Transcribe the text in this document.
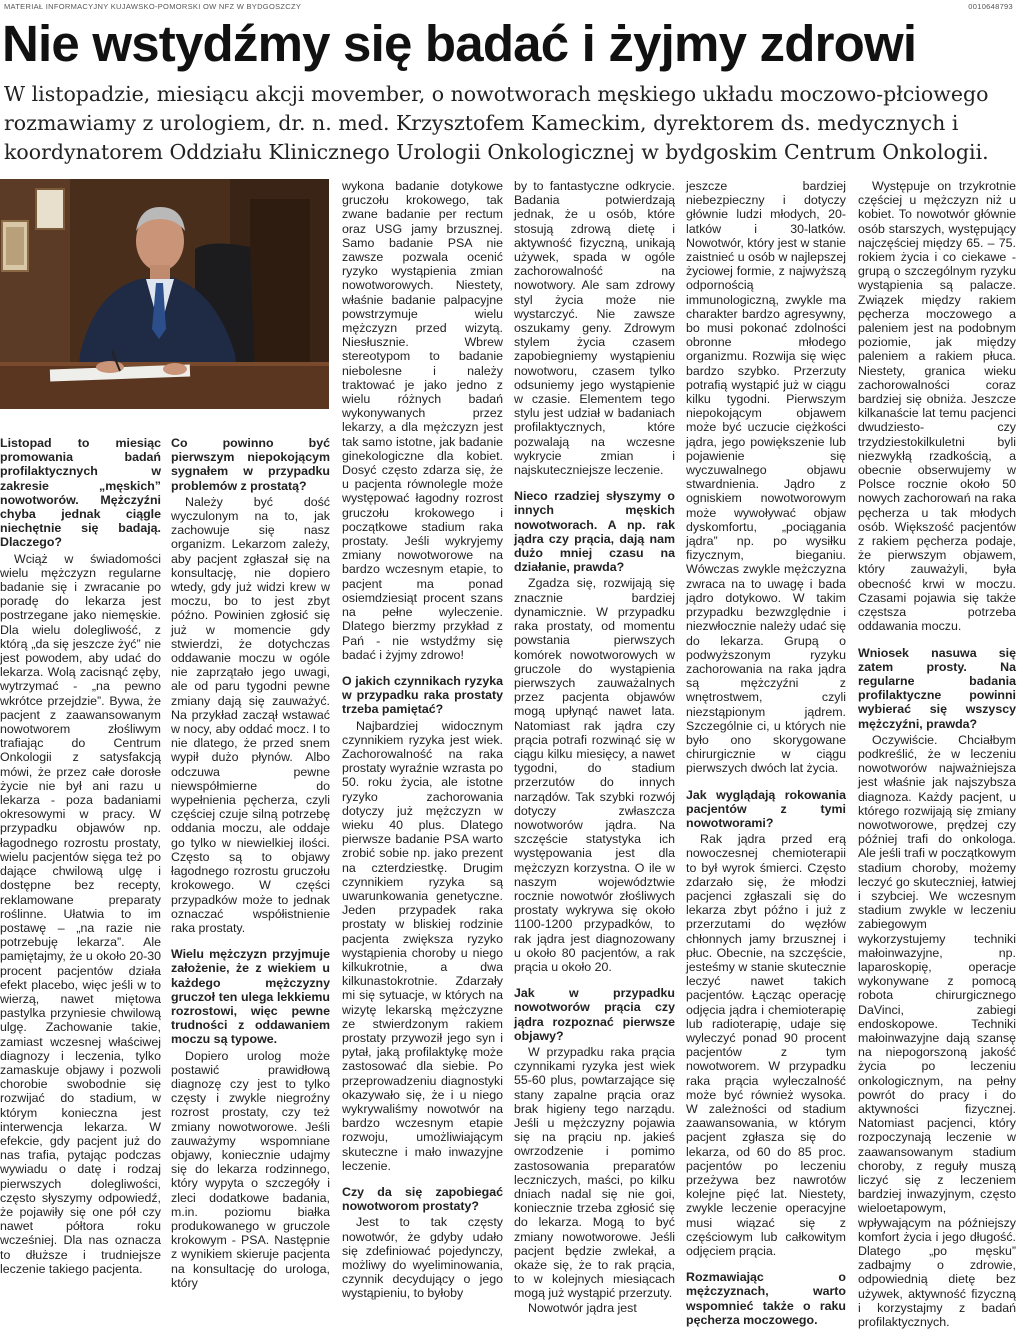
MATERIAŁ INFORMACYJNY KUJAWSKO-POMORSKI OW NFZ W BYDGOSZCZY	0010648793
Nie wstydźmy się badać i żyjmy zdrowi

W listopadzie, miesiącu akcji movember, o nowotworach męskiego układu moczowo-płciowego rozmawiamy z urologiem, dr. n. med. Krzysztofem Kameckim, dyrektorem ds. medycznych i koordynatorem Oddziału Klinicznego Urologii Onkologicznej w bydgoskim Centrum Onkologii.

Listopad to miesiąc promowania badań profilaktycznych w zakresie „męskich” nowotworów. Mężczyźni chyba jednak ciągle niechętnie się badają. Dlaczego?

Wciąż w świadomości wielu mężczyzn regularne badanie się i zwracanie po poradę do lekarza jest postrzegane jako niemęskie. Dla wielu dolegliwość, z którą „da się jeszcze żyć” nie jest powodem, aby udać do lekarza. Wolą zacisnąć zęby, wytrzymać - „na pewno wkrótce przejdzie”. Bywa, że pacjent z zaawansowanym nowotworem złośliwym trafiając do Centrum Onkologii z satysfakcją mówi, że przez całe dorosłe życie nie był ani razu u lekarza - poza badaniami okresowymi w pracy. W przypadku objawów np. łagodnego rozrostu prostaty, wielu pacjentów sięga też po dające chwilową ulgę i dostępne bez recepty, reklamowane preparaty roślinne. Ułatwia to im postawę – „na razie nie potrzebuję lekarza”. Ale pamiętajmy, że u około 20-30 procent pacjentów działa efekt placebo, więc jeśli w to wierzą, nawet miętowa pastylka przyniesie chwilową ulgę. Zachowanie takie, zamiast wczesnej właściwej diagnozy i leczenia, tylko zamaskuje objawy i pozwoli chorobie swobodnie się rozwijać do stadium, w którym konieczna jest interwencja lekarza. W efekcie, gdy pacjent już do nas trafia, pytając podczas wywiadu o datę i rodzaj pierwszych dolegliwości, często słyszymy odpowiedź, że pojawiły się one pół czy nawet półtora roku wcześniej. Dla nas oznacza to dłuższe i trudniejsze leczenie takiego pacjenta.

Co powinno być pierwszym niepokojącym sygnałem w przypadku problemów z prostatą?

Należy być dość wyczulonym na to, jak zachowuje się nasz organizm. Lekarzom zależy, aby pacjent zgłaszał się na konsultację, nie dopiero wtedy, gdy już widzi krew w moczu, bo to jest zbyt późno. Powinien zgłosić się już w momencie gdy stwierdzi, że dotychczas oddawanie moczu w ogóle nie zaprzątało jego uwagi, ale od paru tygodni pewne zmiany dają się zauważyć. Na przykład zaczął wstawać w nocy, aby oddać mocz. I to nie dlatego, że przed snem wypił dużo płynów. Albo odczuwa pewne niewspółmierne do wypełnienia pęcherza, czyli częściej czuje silną potrzebę oddania moczu, ale oddaje go tylko w niewielkiej ilości. Często są to objawy łagodnego rozrostu gruczołu krokowego. W części przypadków może to jednak oznaczać współistnienie raka prostaty.

Wielu mężczyzn przyjmuje założenie, że z wiekiem u każdego mężczyzny gruczoł ten ulega lekkiemu rozrostowi, więc pewne trudności z oddawaniem moczu są typowe.

Dopiero urolog może postawić prawidłową diagnozę czy jest to tylko częsty i zwykle niegroźny rozrost prostaty, czy też zmiany nowotworowe. Jeśli zauważymy wspomniane objawy, koniecznie udajmy się do lekarza rodzinnego, który wypyta o szczegóły i zleci dodatkowe badania, m.in. poziomu białka produkowanego w gruczole krokowym - PSA. Następnie z wynikiem skieruje pacjenta na konsultację do urologa, który

wykona badanie dotykowe gruczołu krokowego, tak zwane badanie per rectum oraz USG jamy brzusznej. Samo badanie PSA nie zawsze pozwala ocenić ryzyko wystąpienia zmian nowotworowych. Niestety, właśnie badanie palpacyjne powstrzymuje wielu mężczyzn przed wizytą. Niesłusznie. Wbrew stereotypom to badanie niebolesne i należy traktować je jako jedno z wielu różnych badań wykonywanych przez lekarzy, a dla mężczyzn jest tak samo istotne, jak badanie ginekologiczne dla kobiet. Dosyć często zdarza się, że u pacjenta równolegle może występować łagodny rozrost gruczołu krokowego i początkowe stadium raka prostaty. Jeśli wykryjemy zmiany nowotworowe na bardzo wczesnym etapie, to pacjent ma ponad osiemdziesiąt procent szans na pełne wyleczenie. Dlatego bierzmy przykład z Pań - nie wstydźmy się badać i żyjmy zdrowo!

O jakich czynnikach ryzyka w przypadku raka prostaty trzeba pamiętać?

Najbardziej widocznym czynnikiem ryzyka jest wiek. Zachorowalność na raka prostaty wyraźnie wzrasta po 50. roku życia, ale istotne ryzyko zachorowania dotyczy już mężczyzn w wieku 40 plus. Dlatego pierwsze badanie PSA warto zrobić sobie np. jako prezent na czterdziestkę. Drugim czynnikiem ryzyka są uwarunkowania genetyczne. Jeden przypadek raka prostaty w bliskiej rodzinie pacjenta zwiększa ryzyko wystąpienia choroby u niego kilkukrotnie, a dwa kilkunastokrotnie. Zdarzały mi się sytuacje, w których na wizytę lekarską mężczyzne ze stwierdzonym rakiem prostaty przywoził jego syn i pytał, jaką profilaktykę może zastosować dla siebie. Po przeprowadzeniu diagnostyki okazywało się, że i u niego wykrywaliśmy nowotwór na bardzo wczesnym etapie rozwoju, umożliwiającym skuteczne i mało inwazyjne leczenie.

Czy da się zapobiegać nowotworom prostaty?

Jest to tak częsty nowotwór, że gdyby udało się zdefiniować pojedynczy, możliwy do wyeliminowania, czynnik decydujący o jego wystąpieniu, to byłoby

by to fantastyczne odkrycie. Badania potwierdzają jednak, że u osób, które stosują zdrową dietę i aktywność fizyczną, unikają używek, spada w ogóle zachorowalność na nowotwory. Ale sam zdrowy styl życia może nie wystarczyć. Nie zawsze oszukamy geny. Zdrowym stylem życia czasem zapobiegniemy wystąpieniu nowotworu, czasem tylko odsuniemy jego wystąpienie w czasie. Elementem tego stylu jest udział w badaniach profilaktycznych, które pozwalają na wczesne wykrycie zmian i najskuteczniejsze leczenie.

Nieco rzadziej słyszymy o innych męskich nowotworach. A np. rak jądra czy prącia, dają nam dużo mniej czasu na działanie, prawda?

Zgadza się, rozwijają się znacznie bardziej dynamicznie. W przypadku raka prostaty, od momentu powstania pierwszych komórek nowotworowych w gruczole do wystąpienia pierwszych zauważalnych przez pacjenta objawów mogą upłynąć nawet lata. Natomiast rak jądra czy prącia potrafi rozwinąć się w ciągu kilku miesięcy, a nawet tygodni, do stadium przerzutów do innych narządów. Tak szybki rozwój dotyczy zwłaszcza nowotworów jądra. Na szczęście statystyka ich występowania jest dla mężczyzn korzystna. O ile w naszym województwie rocznie nowotwór złośliwych prostaty wykrywa się około 1100-1200 przypadków, to rak jądra jest diagnozowany u około 80 pacjentów, a rak prącia u około 20.

Jak w przypadku nowotworów prącia czy jądra rozpoznać pierwsze objawy?

W przypadku raka prącia czynnikami ryzyka jest wiek 55-60 plus, powtarzające się stany zapalne prącia oraz brak higieny tego narządu. Jeśli u mężczyzny pojawia się na prąciu np. jakieś owrzodzenie i pomimo zastosowania preparatów leczniczych, maści, po kilku dniach nadal się nie goi, koniecznie trzeba zgłosić się do lekarza. Mogą to być zmiany nowotworowe. Jeśli pacjent będzie zwlekał, a okaże się, że to rak prącia, to w kolejnych miesiącach mogą już wystąpić przerzuty.

Nowotwór jądra jest

jeszcze bardziej niebezpieczny i dotyczy głównie ludzi młodych, 20-latków i 30-latków. Nowotwór, który jest w stanie zaistnieć u osób w najlepszej życiowej formie, z najwyższą odpornością immunologiczną, zwykle ma charakter bardzo agresywny, bo musi pokonać zdolności obronne młodego organizmu. Rozwija się więc bardzo szybko. Przerzuty potrafią wystąpić już w ciągu kilku tygodni. Pierwszym niepokojącym objawem może być uczucie ciężkości jądra, jego powiększenie lub pojawienie się wyczuwalnego objawu stwardnienia. Jądro z ogniskiem nowotworowym może wywoływać objaw dyskomfortu, „pociągania jądra” np. po wysiłku fizycznym, bieganiu. Wówczas zwykle mężczyzna zwraca na to uwagę i bada jądro dotykowo. W takim przypadku bezwzględnie i niezwłocznie należy udać się do lekarza. Grupą o podwyższonym ryzyku zachorowania na raka jądra są mężczyźni z wnętrostwem, czyli niezstąpionym jądrem. Szczególnie ci, u których nie było ono skorygowane chirurgicznie w ciągu pierwszych dwóch lat życia.

Jak wyglądają rokowania pacjentów z tymi nowotworami?

Rak jądra przed erą nowoczesnej chemioterapii to był wyrok śmierci. Często zdarzało się, że młodzi pacjenci zgłaszali się do lekarza zbyt późno i już z przerzutami do węzłów chłonnych jamy brzusznej i płuc. Obecnie, na szczęście, jesteśmy w stanie skutecznie leczyć nawet takich pacjentów. Łącząc operację odjęcia jądra i chemioterapię lub radioterapię, udaje się wyleczyć ponad 90 procent pacjentów z tym nowotworem. W przypadku raka prącia wyleczalność może być również wysoka. W zależności od stadium zaawansowania, w którym pacjent zgłasza się do lekarza, od 60 do 85 proc. pacjentów po leczeniu przeżywa bez nawrotów kolejne pięć lat. Niestety, zwykle leczenie operacyjne musi wiązać się z częściowym lub całkowitym odjęciem prącia.

Rozmawiając o mężczyznach, warto wspomnieć także o raku pęcherza moczowego.

Występuje on trzykrotnie częściej u mężczyzn niż u kobiet. To nowotwór głównie osób starszych, występujący najczęściej między 65. – 75. rokiem życia i co ciekawe - grupą o szczególnym ryzyku wystąpienia są palacze. Związek między rakiem pęcherza moczowego a paleniem jest na podobnym poziomie, jak między paleniem a rakiem płuca. Niestety, granica wieku zachorowalności coraz bardziej się obniża. Jeszcze kilkanaście lat temu pacjenci dwudziesto- czy trzydziestokilkuletni byli niezwykłą rzadkością, a obecnie obserwujemy w Polsce rocznie około 50 nowych zachorowań na raka pęcherza u tak młodych osób. Większość pacjentów z rakiem pęcherza podaje, że pierwszym objawem, który zauważyli, była obecność krwi w moczu. Czasami pojawia się także częstsza potrzeba oddawania moczu.

Wniosek nasuwa się zatem prosty. Na regularne badania profilaktyczne powinni wybierać się wszyscy mężczyźni, prawda?

Oczywiście. Chciałbym podkreślić, że w leczeniu nowotworów najważniejsza jest właśnie jak najszybsza diagnoza. Każdy pacjent, u którego rozwijają się zmiany nowotworowe, prędzej czy później trafi do onkologa. Ale jeśli trafi w początkowym stadium choroby, możemy leczyć go skuteczniej, łatwiej i szybciej. We wczesnym stadium zwykle w leczeniu zabiegowym wykorzystujemy techniki małoinwazyjne, np. laparoskopię, operacje wykonywane z pomocą robota chirurgicznego DaVinci, zabiegi endoskopowe. Techniki małoinwazyjne dają szansę na niepogorszoną jakość życia po leczeniu onkologicznym, na pełny powrót do pracy i do aktywności fizycznej. Natomiast pacjenci, który rozpoczynają leczenie w zaawansowanym stadium choroby, z reguły muszą liczyć się z leczeniem bardziej inwazyjnym, często wieloetapowym, wpływającym na późniejszy komfort życia i jego długość. Dlatego „po męsku” zadbajmy o zdrowie, odpowiednią dietę bez używek, aktywność fizyczną i korzystajmy z badań profilaktycznych.
